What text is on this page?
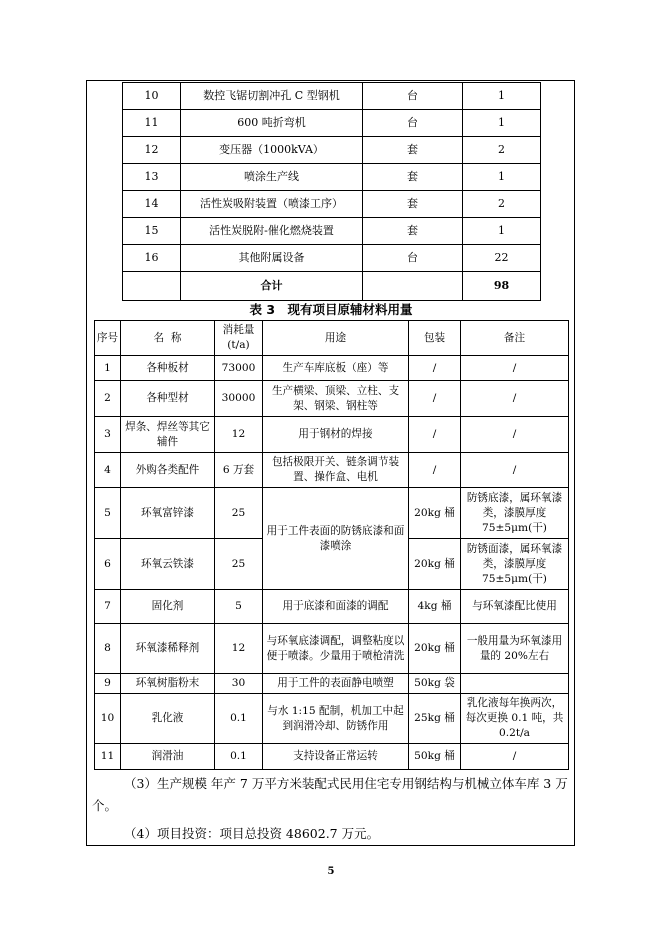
10	数控飞锯切割冲孔 C 型钢机	台	1
11	600 吨折弯机	台	1
12	变压器（1000kVA）	套	2
13	喷涂生产线	套	1
14	活性炭吸附装置（喷漆工序）	套	2
15	活性炭脱附-催化燃烧装置	套	1
16	其他附属设备	台	22
	合计		98
表 3　现有项目原辅材料用量
序号	名  称	消耗量(t/a)	用途	包装	备注
1	各种板材	73000	生产车库底板（座）等	/	/
2	各种型材	30000	生产横梁、顶梁、立柱、支架、钢梁、钢柱等	/	/
3	焊条、焊丝等其它辅件	12	用于钢材的焊接	/	/
4	外购各类配件	6 万套	包括极限开关、链条调节装置、操作盒、电机	/	/
5	环氧富锌漆	25	用于工件表面的防锈底漆和面漆喷涂	20kg 桶	防锈底漆，属环氧漆类，漆膜厚度 75±5μm(干)
6	环氧云铁漆	25		20kg 桶	防锈面漆，属环氧漆类，漆膜厚度 75±5μm(干)
7	固化剂	5	用于底漆和面漆的调配	4kg 桶	与环氧漆配比使用
8	环氧漆稀释剂	12	与环氧底漆调配，调整粘度以便于喷漆。少量用于喷枪清洗	20kg 桶	一般用量为环氧漆用量的 20%左右
9	环氧树脂粉末	30	用于工件的表面静电喷塑	50kg 袋	
10	乳化液	0.1	与水 1:15 配制，机加工中起到润滑冷却、防锈作用	25kg 桶	乳化液每年换两次，每次更换 0.1 吨，共 0.2t/a
11	润滑油	0.1	支持设备正常运转	50kg 桶	/
（3）生产规模 年产 7 万平方米装配式民用住宅专用钢结构与机械立体车库 3 万个。
（4）项目投资：项目总投资 48602.7 万元。
5
